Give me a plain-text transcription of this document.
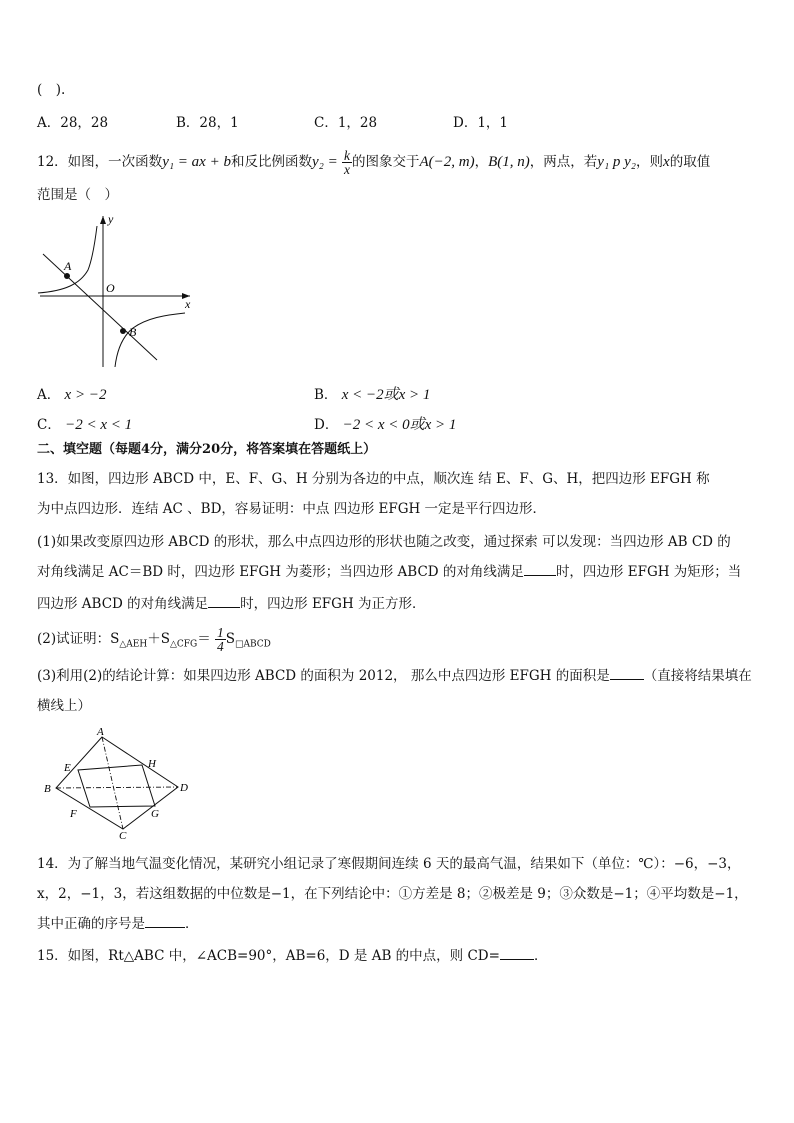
(　).
A．28，28	B．28，1	C．1，28	D．1，1
12．如图，一次函数y₁ = ax + b和反比例函数$y_2 = \frac{k}{x}$ 的图象交于A(−2, m)，B(1, n)，两点，若y₁ p y₂，则x的取值
范围是（　）
y
x
O
A
B
A． x > −2	B． x < −2或x > 1
C． −2 < x < 1	D． −2 < x < 0或x > 1
二、填空题（每题4分，满分20分，将答案填在答题纸上）
13．如图，四边形 ABCD 中，E、F、G、H 分别为各边的中点，顺次连 结 E、F、G、H，把四边形 EFGH 称
为中点四边形．连结 AC 、BD，容易证明：中点 四边形 EFGH 一定是平行四边形．
(1)如果改变原四边形 ABCD 的形状，那么中点四边形的形状也随之改变，通过探索 可以发现：当四边形 AB CD 的
对角线满足 AC＝BD 时，四边形 EFGH 为菱形；当四边形 ABCD 的对角线满足 时，四边形 EFGH 为矩形；当
四边形 ABCD 的对角线满足 时，四边形 EFGH 为正方形．
(2)试证明：$S_{\triangle AEH}+S_{\triangle CFG}= \frac{1}{4} S_{□ABCD}$
(3)利用(2)的结论计算：如果四边形 ABCD 的面积为 2012， 那么中点四边形 EFGH 的面积是	（直接将结果填在
横线上）
A
B
C
D
E
F	G
H
14．为了解当地气温变化情况，某研究小组记录了寒假期间连续 6 天的最高气温，结果如下（单位：℃）：−6，−3，
x，2，−1，3，若这组数据的中位数是−1，在下列结论中：①方差是 8；②极差是 9；③众数是−1；④平均数是−1，
其中正确的序号是	．
15．如图，Rt△ABC 中，∠ACB=90°，AB=6，D 是 AB 的中点，则 CD=	．
